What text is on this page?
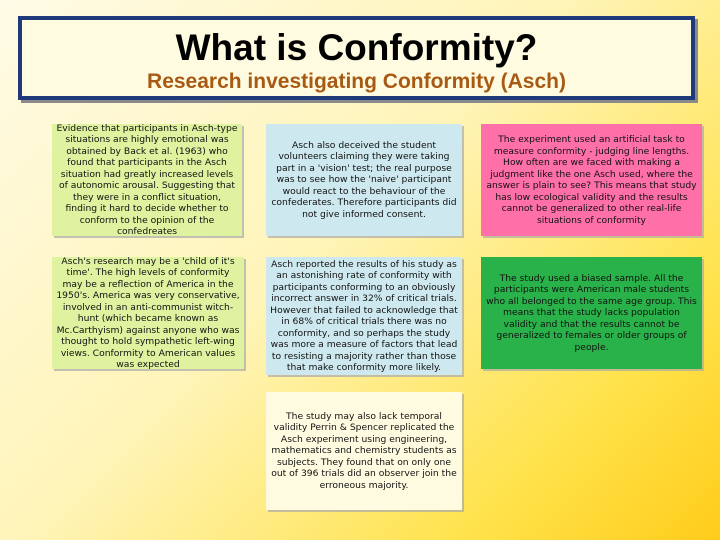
What is Conformity?
Research investigating Conformity (Asch)

Evidence that participants in Asch-type situations are highly emotional was obtained by Back et al. (1963) who found that participants in the Asch situation had greatly increased levels of autonomic arousal. Suggesting that they were in a conflict situation, finding it hard to decide whether to conform to the opinion of the confedreates

Asch also deceived the student volunteers claiming they were taking part in a 'vision' test; the real purpose was to see how the 'naive' participant would react to the behaviour of the confederates. Therefore participants did not give informed consent.

The experiment used an artificial task to measure conformity - judging line lengths. How often are we faced with making a judgment like the one Asch used, where the answer is plain to see? This means that study has low ecological validity and the results cannot be generalized to other real-life situations of conformity

Asch's research may be a 'child of it's time'. The high levels of conformity may be a reflection of America in the 1950's. America was very conservative, involved in an anti-communist witch-hunt (which became known as Mc.Carthyism) against anyone who was thought to hold sympathetic left-wing views. Conformity to American values was expected

Asch reported the results of his study as an astonishing rate of conformity with participants conforming to an obviously incorrect answer in 32% of critical trials. However that failed to acknowledge that in 68% of critical trials there was no conformity, and so perhaps the study was more a measure of factors that lead to resisting a majority rather than those that make conformity more likely.

The study used a biased sample. All the participants were American male students who all belonged to the same age group. This means that the study lacks population validity and that the results cannot be generalized to females or older groups of people.

The study may also lack temporal validity Perrin & Spencer replicated the Asch experiment using engineering, mathematics and chemistry students as subjects. They found that on only one out of 396 trials did an observer join the erroneous majority.
